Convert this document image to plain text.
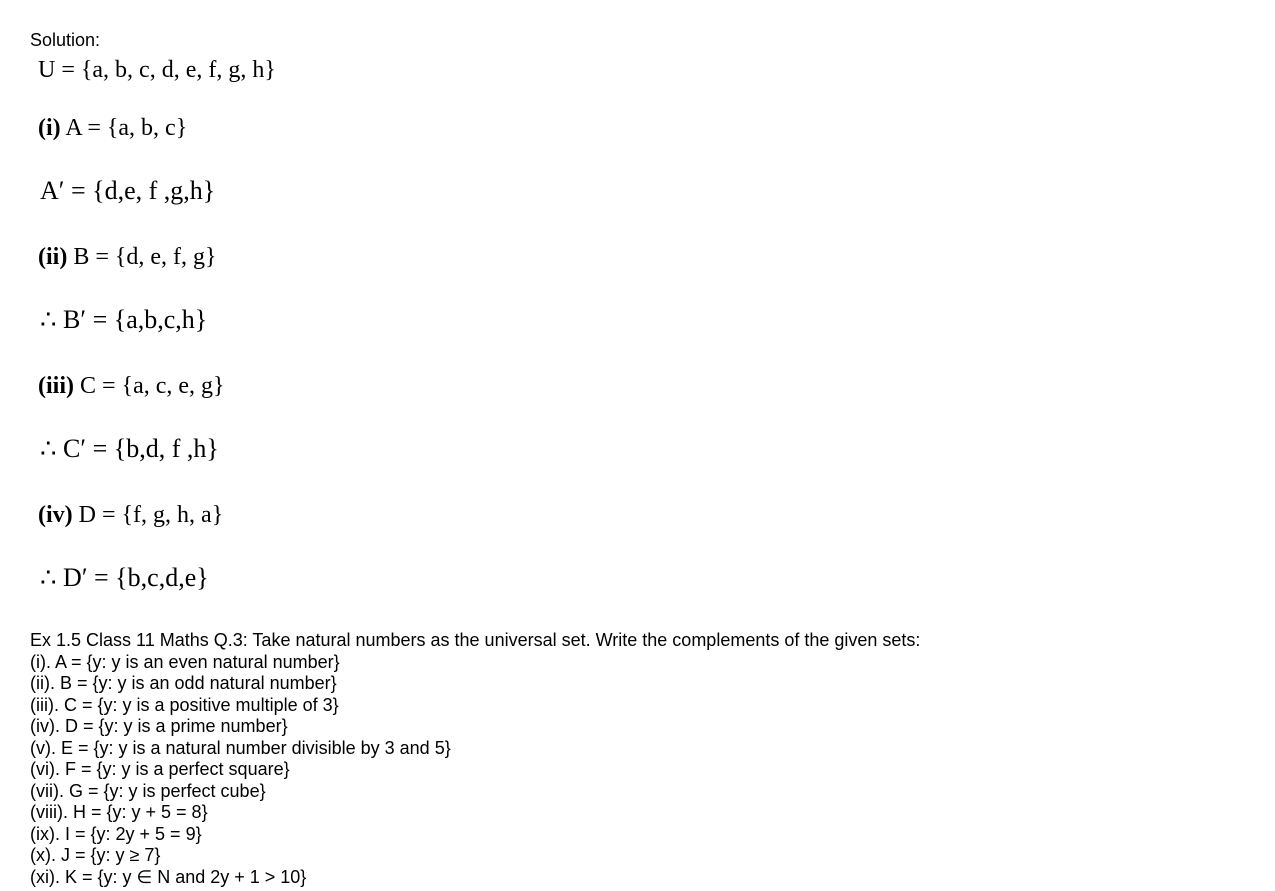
Solution:
U = {a, b, c, d, e, f, g, h}
(i) A = {a, b, c}
A′ = {d,e, f ,g,h}
(ii) B = {d, e, f, g}
∴ B′ = {a,b,c,h}
(iii) C = {a, c, e, g}
∴ C′ = {b,d, f ,h}
(iv) D = {f, g, h, a}
∴ D′ = {b,c,d,e}
Ex 1.5 Class 11 Maths Q.3: Take natural numbers as the universal set. Write the complements of the given sets:
(i). A = {y: y is an even natural number}
(ii). B = {y: y is an odd natural number}
(iii). C = {y: y is a positive multiple of 3}
(iv). D = {y: y is a prime number}
(v). E = {y: y is a natural number divisible by 3 and 5}
(vi). F = {y: y is a perfect square}
(vii). G = {y: y is perfect cube}
(viii). H = {y: y + 5 = 8}
(ix). I = {y: 2y + 5 = 9}
(x). J = {y: y ≥ 7}
(xi). K = {y: y ∈ N and 2y + 1 > 10}
